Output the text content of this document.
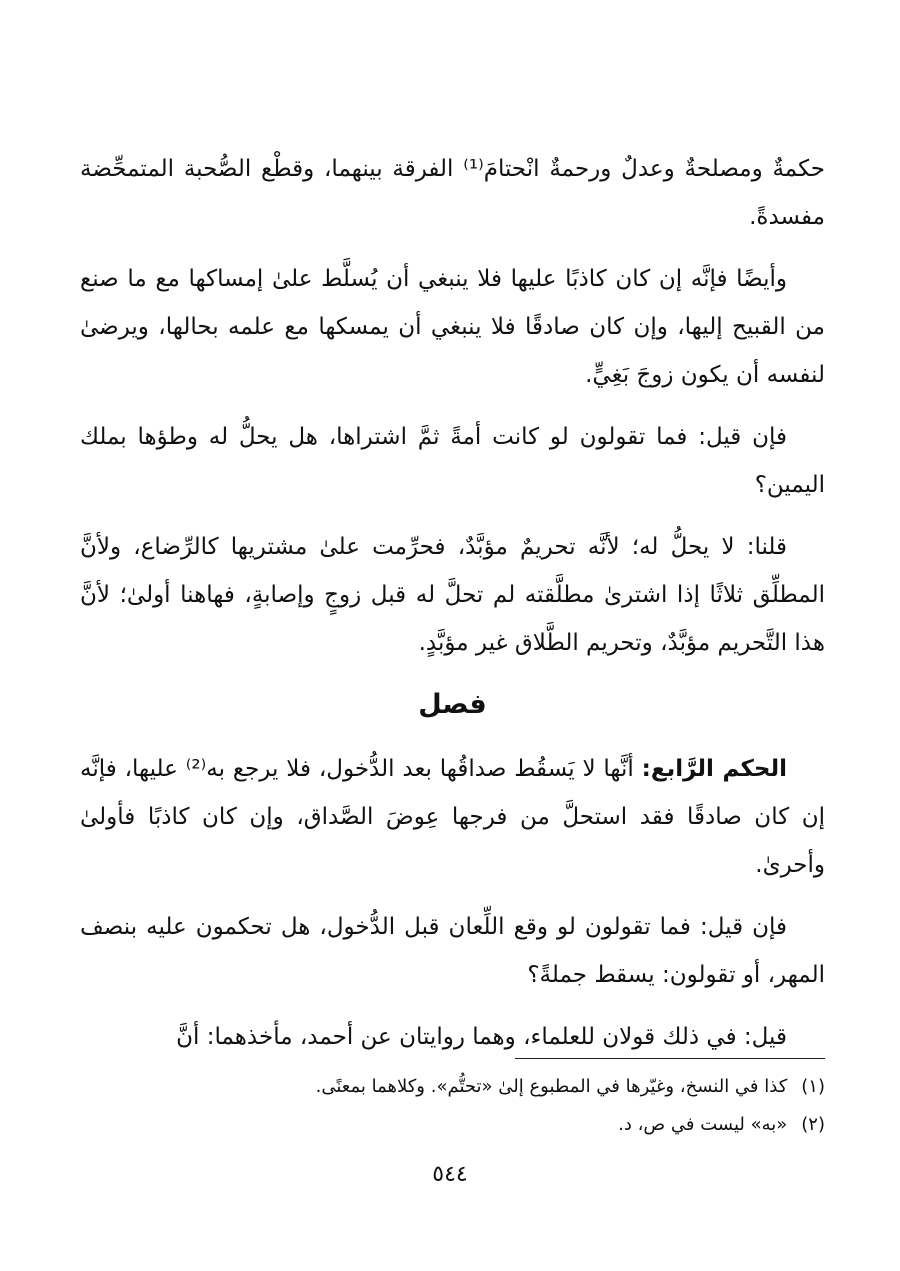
حكمةٌ ومصلحةٌ وعدلٌ ورحمةٌ انْحتامَ⁽¹⁾ الفرقة بينهما، وقطْع الصُّحبة المتمحِّضة مفسدةً.

وأيضًا فإنَّه إن كان كاذبًا عليها فلا ينبغي أن يُسلَّط علىٰ إمساكها مع ما صنع من القبيح إليها، وإن كان صادقًا فلا ينبغي أن يمسكها مع علمه بحالها، ويرضىٰ لنفسه أن يكون زوجَ بَغِيٍّ.

فإن قيل: فما تقولون لو كانت أمةً ثمَّ اشتراها، هل يحلُّ له وطؤها بملك اليمين؟

قلنا: لا يحلُّ له؛ لأنَّه تحريمٌ مؤبَّدٌ، فحرِّمت علىٰ مشتريها كالرِّضاع، ولأنَّ المطلِّق ثلاثًا إذا اشترىٰ مطلَّقته لم تحلَّ له قبل زوجٍ وإصابةٍ، فهاهنا أولىٰ؛ لأنَّ هذا التَّحريم مؤبَّدٌ، وتحريم الطَّلاق غير مؤبَّدٍ.

فصل

الحكم الرَّابع: أنَّها لا يَسقُط صداقُها بعد الدُّخول، فلا يرجع به⁽²⁾ عليها، فإنَّه إن كان صادقًا فقد استحلَّ من فرجها عِوضَ الصَّداق، وإن كان كاذبًا فأولىٰ وأحرىٰ.

فإن قيل: فما تقولون لو وقع اللِّعان قبل الدُّخول، هل تحكمون عليه بنصف المهر، أو تقولون: يسقط جملةً؟

قيل: في ذلك قولان للعلماء، وهما روايتان عن أحمد، مأخذهما: أنَّ

(١)كذا في النسخ، وغيّرها في المطبوع إلىٰ «تحتُّم». وكلاهما بمعنًى.

(٢)«به» ليست في ص، د.

٥٤٤
